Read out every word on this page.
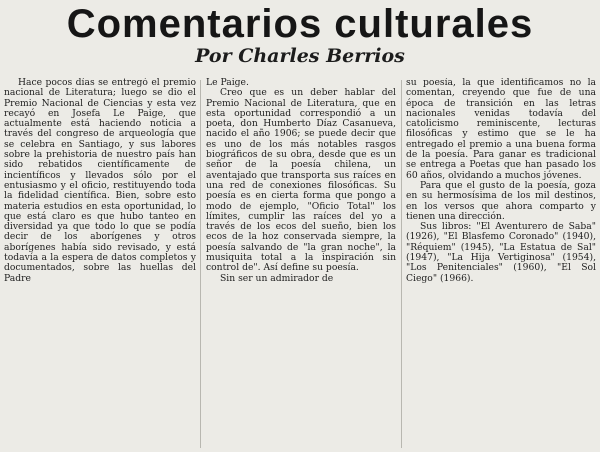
Comentarios culturales
Por Charles Berrios

Hace pocos días se entregó el premio nacional de Literatura; luego se dio el Premio Nacional de Ciencias y esta vez recayó en Josefa Le Paige, que actualmente está haciendo noticia a través del congreso de arqueología que se celebra en Santiago, y sus labores sobre la prehistoria de nuestro país han sido rebatidos científicamente de incientíficos y llevados sólo por el entusiasmo y el oficio, restituyendo toda la fidelidad científica. Bien, sobre esto materia estudios en esta oportunidad, lo que está claro es que hubo tanteo en diversidad ya que todo lo que se podía decir de los aborígenes y otros aborígenes había sido revisado, y está todavía a la espera de datos completos y documentados, sobre las huellas del Padre

Le Paige.

Creo que es un deber hablar del Premio Nacional de Literatura, que en esta oportunidad correspondió a un poeta, don Humberto Díaz Casanueva, nacido el año 1906; se puede decir que es uno de los más notables rasgos biográficos de su obra, desde que es un señor de la poesía chilena, un aventajado que transporta sus raíces en una red de conexiones filosóficas. Su poesía es en cierta forma que pongo a modo de ejemplo, "Oficio Total" los límites, cumplir las raíces del yo a través de los ecos del sueño, bien los ecos de la hoz conservada siempre, la poesía salvando de "la gran noche", la musiquita total a la inspiración sin control de". Así define su poesía.

Sin ser un admirador de

su poesía, la que identificamos no la comentan, creyendo que fue de una época de transición en las letras nacionales venidas todavía del catolicismo reminiscente, lecturas filosóficas y estimo que se le ha entregado el premio a una buena forma de la poesía. Para ganar es tradicional se entrega a Poetas que han pasado los 60 años, olvidando a muchos jóvenes.

Para que el gusto de la poesía, goza en su hermosísima de los mil destinos, en los versos que ahora comparto y tienen una dirección.

Sus libros: "El Aventurero de Saba" (1926), "El Blasfemo Coronado" (1940), "Réquiem" (1945), "La Estatua de Sal" (1947), "La Hija Vertiginosa" (1954), "Los Penitenciales" (1960), "El Sol Ciego" (1966).
